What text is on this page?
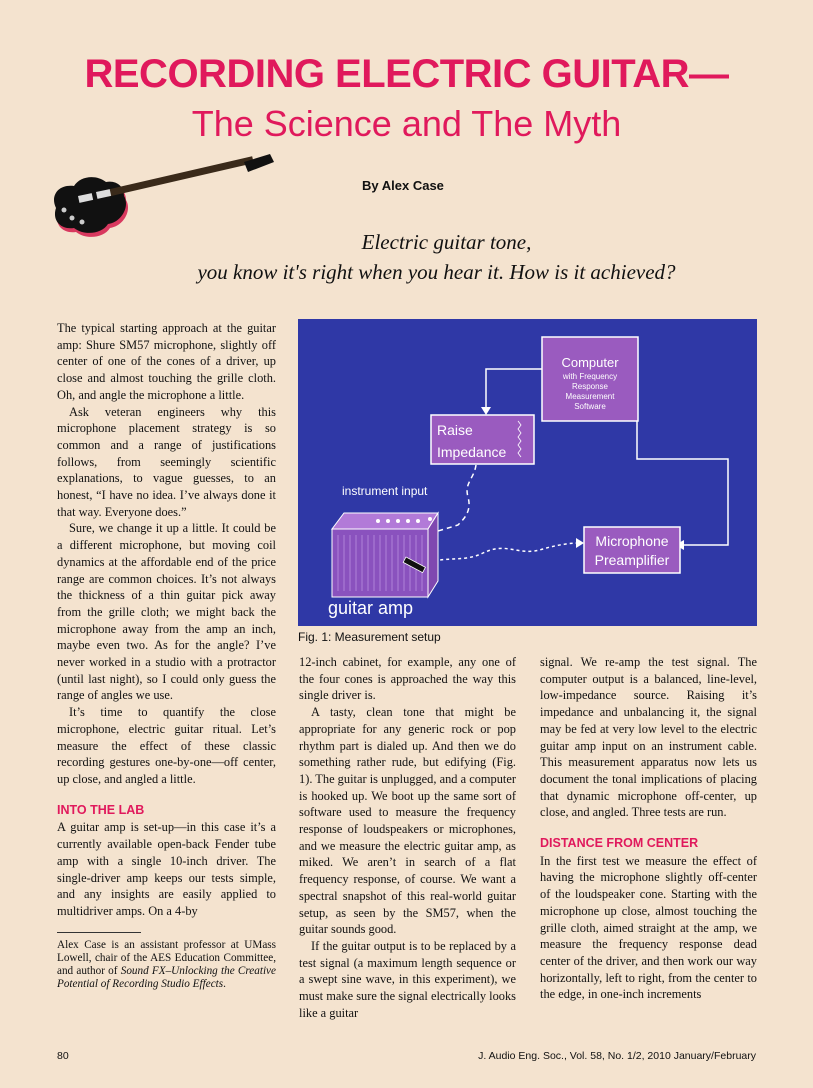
RECORDING ELECTRIC GUITAR—
The Science and The Myth
By Alex Case
Electric guitar tone,
you know it's right when you hear it. How is it achieved?

The typical starting approach at the guitar amp: Shure SM57 microphone, slightly off center of one of the cones of a driver, up close and almost touching the grille cloth. Oh, and angle the microphone a little.

Ask veteran engineers why this microphone placement strategy is so common and a range of justifications follows, from seemingly scientific explanations, to vague guesses, to an honest, “I have no idea. I’ve always done it that way. Everyone does.”

Sure, we change it up a little. It could be a different microphone, but moving coil dynamics at the affordable end of the price range are common choices. It’s not always the thickness of a thin guitar pick away from the grille cloth; we might back the microphone away from the amp an inch, maybe even two. As for the angle? I’ve never worked in a studio with a protractor (until last night), so I could only guess the range of angles we use.

It’s time to quantify the close microphone, electric guitar ritual. Let’s measure the effect of these classic recording gestures one-by-one—off center, up close, and angled a little.

INTO THE LAB

A guitar amp is set-up—in this case it’s a currently available open-back Fender tube amp with a single 10-inch driver. The single-driver amp keeps our tests simple, and any insights are easily applied to multidriver amps. On a 4-by

Alex Case is an assistant professor at UMass Lowell, chair of the AES Education Committee, and author of Sound FX–Unlocking the Creative Potential of Recording Studio Effects.
Computer
with Frequency
Response
Measurement
Software
Raise
Impedance
instrument input
guitar amp
Microphone
Preamplifier
Fig. 1: Measurement setup

12-inch cabinet, for example, any one of the four cones is approached the way this single driver is.

A tasty, clean tone that might be appropriate for any generic rock or pop rhythm part is dialed up. And then we do something rather rude, but edifying (Fig. 1). The guitar is unplugged, and a computer is hooked up. We boot up the same sort of software used to measure the frequency response of loudspeakers or microphones, and we measure the electric guitar amp, as miked. We aren’t in search of a flat frequency response, of course. We want a spectral snapshot of this real-world guitar setup, as seen by the SM57, when the guitar sounds good.

If the guitar output is to be replaced by a test signal (a maximum length sequence or a swept sine wave, in this experiment), we must make sure the signal electrically looks like a guitar

signal. We re-amp the test signal. The computer output is a balanced, line-level, low-impedance source. Raising it’s impedance and unbalancing it, the signal may be fed at very low level to the electric guitar amp input on an instrument cable. This measurement apparatus now lets us document the tonal implications of placing that dynamic microphone off-center, up close, and angled. Three tests are run.

DISTANCE FROM CENTER

In the first test we measure the effect of having the microphone slightly off-center of the loudspeaker cone. Starting with the microphone up close, almost touching the grille cloth, aimed straight at the amp, we measure the frequency response dead center of the driver, and then work our way horizontally, left to right, from the center to the edge, in one-inch increments

80	J. Audio Eng. Soc., Vol. 58, No. 1/2, 2010 January/February
